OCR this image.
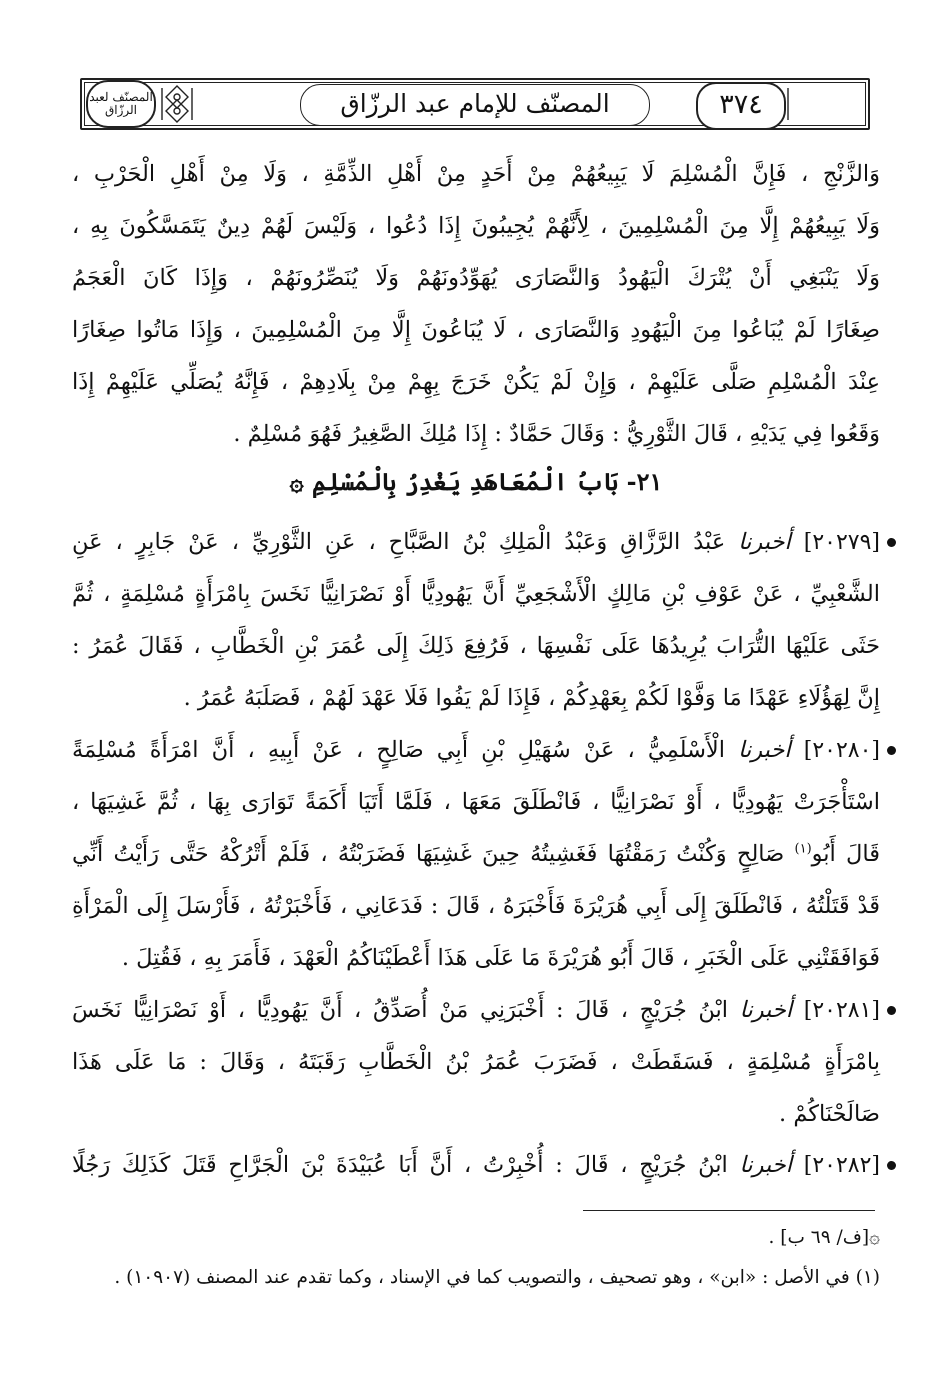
المصنّف لعبد الرزّاق	المصنّف للإمام عبد الرزّاق	٣٧٤
وَالزَّنْجِ ، فَإِنَّ الْمُسْلِمَ لَا يَبِيعُهُمْ مِنْ أَحَدٍ مِنْ أَهْلِ الذِّمَّةِ ، وَلَا مِنْ أَهْلِ الْحَرْبِ ،
وَلَا يَبِيعُهُمْ إِلَّا مِنَ الْمُسْلِمِينَ ، لِأَنَّهُمْ يُجِيبُونَ إِذَا دُعُوا ، وَلَيْسَ لَهُمْ دِينٌ يَتَمَسَّكُونَ بِهِ ،
وَلَا يَنْبَغِي أَنْ يُتْرَكَ الْيَهُودُ وَالنَّصَارَى يُهَوِّدُونَهُمْ وَلَا يُنَصِّرُونَهُمْ ، وَإِذَا كَانَ الْعَجَمُ
صِغَارًا لَمْ يُبَاعُوا مِنَ الْيَهُودِ وَالنَّصَارَى ، لَا يُبَاعُونَ إِلَّا مِنَ الْمُسْلِمِينَ ، وَإِذَا مَاتُوا صِغَارًا
عِنْدَ الْمُسْلِمِ صَلَّى عَلَيْهِمْ ، وَإِنْ لَمْ يَكُنْ خَرَجَ بِهِمْ مِنْ بِلَادِهِمْ ، فَإِنَّهُ يُصَلِّي عَلَيْهِمْ إِذَا
وَقَعُوا فِي يَدَيْهِ ، قَالَ الثَّوْرِيُّ : وَقَالَ حَمَّادٌ : إِذَا مُلِكَ الصَّغِيرُ فَهُوَ مُسْلِمٌ .
٢١- بَابُ الْمُعَاهَدِ يَغْدِرُ بِالْمُسْلِمِ ۞
[٢٠٢٧٩] أخبرنا عَبْدُ الرَّزَّاقِ وَعَبْدُ الْمَلِكِ بْنُ الصَّبَّاحِ ، عَنِ الثَّوْرِيِّ ، عَنْ جَابِرٍ ، عَنِ
الشَّعْبِيِّ ، عَنْ عَوْفِ بْنِ مَالِكٍ الْأَشْجَعِيِّ أَنَّ يَهُودِيًّا أَوْ نَصْرَانِيًّا نَخَسَ بِامْرَأَةٍ مُسْلِمَةٍ ، ثُمَّ
حَثَى عَلَيْهَا التُّرَابَ يُرِيدُهَا عَلَى نَفْسِهَا ، فَرُفِعَ ذَلِكَ إِلَى عُمَرَ بْنِ الْخَطَّابِ ، فَقَالَ عُمَرُ :
إِنَّ لِهَؤُلَاءِ عَهْدًا مَا وَفَّوْا لَكُمْ بِعَهْدِكُمْ ، فَإِذَا لَمْ يَفُوا فَلَا عَهْدَ لَهُمْ ، فَصَلَبَهُ عُمَرُ .
[٢٠٢٨٠] أخبرنا الْأَسْلَمِيُّ ، عَنْ سُهَيْلِ بْنِ أَبِي صَالِحٍ ، عَنْ أَبِيهِ ، أَنَّ امْرَأَةً مُسْلِمَةً
اسْتَأْجَرَتْ يَهُودِيًّا ، أَوْ نَصْرَانِيًّا ، فَانْطَلَقَ مَعَهَا ، فَلَمَّا أَتَيَا أَكَمَةً تَوَارَى بِهَا ، ثُمَّ غَشِيَهَا ،
قَالَ أَبُو$^{(١)}$ صَالِحٍ وَكُنْتُ رَمَقْتُهَا فَغَشِيتُهُ حِينَ غَشِيَهَا فَضَرَبْتُهُ ، فَلَمْ أَتْرُكْهُ حَتَّى رَأَيْتُ أَنِّي
قَدْ قَتَلْتُهُ ، فَانْطَلَقَ إِلَى أَبِي هُرَيْرَةَ فَأَخْبَرَهُ ، قَالَ : فَدَعَانِي ، فَأَخْبَرْتُهُ ، فَأَرْسَلَ إِلَى الْمَرْأَةِ
فَوَافَقَتْنِي عَلَى الْخَبَرِ ، قَالَ أَبُو هُرَيْرَةَ مَا عَلَى هَذَا أَعْطَيْنَاكُمُ الْعَهْدَ ، فَأَمَرَ بِهِ ، فَقُتِلَ .
[٢٠٢٨١] أخبرنا ابْنُ جُرَيْجٍ ، قَالَ : أَخْبَرَنِي مَنْ أُصَدِّقُ ، أَنَّ يَهُودِيًّا ، أَوْ نَصْرَانِيًّا نَخَسَ
بِامْرَأَةٍ مُسْلِمَةٍ ، فَسَقَطَتْ ، فَضَرَبَ عُمَرُ بْنُ الْخَطَّابِ رَقَبَتَهُ ، وَقَالَ : مَا عَلَى هَذَا
صَالَحْنَاكُمْ .
[٢٠٢٨٢] أخبرنا ابْنُ جُرَيْجٍ ، قَالَ : أُخْبِرْتُ ، أَنَّ أَبَا عُبَيْدَةَ بْنَ الْجَرَّاحِ قَتَلَ كَذَلِكَ رَجُلًا
۞[ف/ ٦٩ ب] .
(١) في الأصل : «ابن» ، وهو تصحيف ، والتصويب كما في الإسناد ، وكما تقدم عند المصنف (١٠٩٠٧) .
